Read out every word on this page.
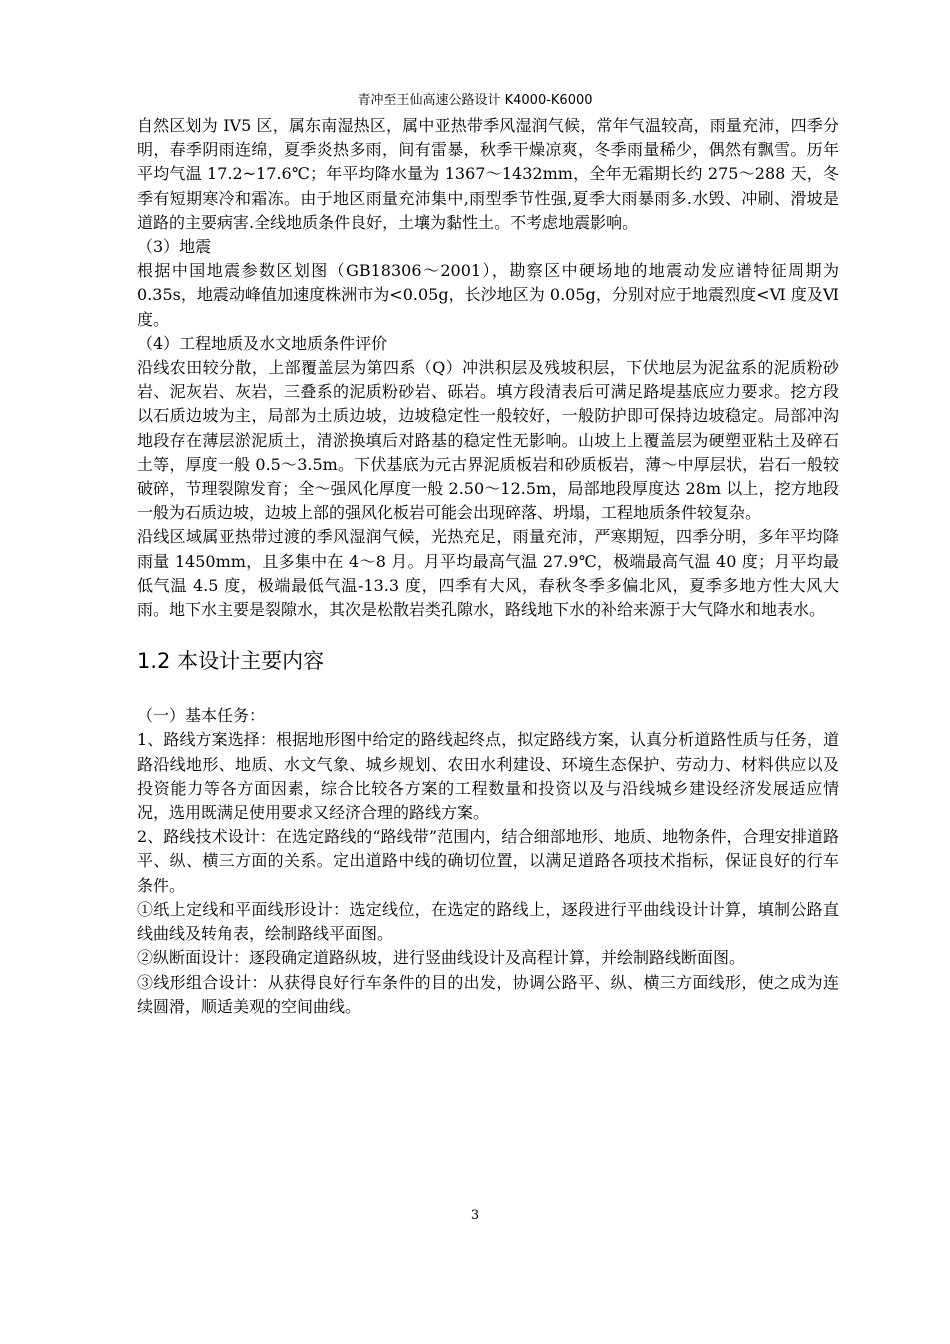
青冲至王仙高速公路设计 K4000-K6000

自然区划为 IV5 区，属东南湿热区，属中亚热带季风湿润气候，常年气温较高，雨量充沛，四季分明，春季阴雨连绵，夏季炎热多雨，间有雷暴，秋季干燥凉爽，冬季雨量稀少，偶然有飘雪。历年平均气温 17.2~17.6℃；年平均降水量为 1367～1432mm，全年无霜期长约 275～288 天，冬季有短期寒冷和霜冻。由于地区雨量充沛集中,雨型季节性强,夏季大雨暴雨多.水毁、冲刷、滑坡是道路的主要病害.全线地质条件良好，土壤为黏性土。不考虑地震影响。

（3）地震

根据中国地震参数区划图（GB18306～2001），勘察区中硬场地的地震动发应谱特征周期为 0.35s，地震动峰值加速度株洲市为<0.05g，长沙地区为 0.05g，分别对应于地震烈度<Ⅵ 度及Ⅵ度。

（4）工程地质及水文地质条件评价

沿线农田较分散，上部覆盖层为第四系（Q）冲洪积层及残坡积层，下伏地层为泥盆系的泥质粉砂岩、泥灰岩、灰岩，三叠系的泥质粉砂岩、砾岩。填方段清表后可满足路堤基底应力要求。挖方段以石质边坡为主，局部为土质边坡，边坡稳定性一般较好，一般防护即可保持边坡稳定。局部冲沟地段存在薄层淤泥质土，清淤换填后对路基的稳定性无影响。山坡上上覆盖层为硬塑亚粘土及碎石土等，厚度一般 0.5～3.5m。下伏基底为元古界泥质板岩和砂质板岩，薄～中厚层状，岩石一般较破碎，节理裂隙发育；全～强风化厚度一般 2.50～12.5m，局部地段厚度达 28m 以上，挖方地段一般为石质边坡，边坡上部的强风化板岩可能会出现碎落、坍塌，工程地质条件较复杂。

沿线区域属亚热带过渡的季风湿润气候，光热充足，雨量充沛，严寒期短，四季分明，多年平均降雨量 1450mm，且多集中在 4～8 月。月平均最高气温 27.9℃，极端最高气温 40 度；月平均最低气温 4.5 度，极端最低气温-13.3 度，四季有大风，春秋冬季多偏北风，夏季多地方性大风大雨。地下水主要是裂隙水，其次是松散岩类孔隙水，路线地下水的补给来源于大气降水和地表水。

1.2 本设计主要内容

（一）基本任务：

1、路线方案选择：根据地形图中给定的路线起终点，拟定路线方案，认真分析道路性质与任务，道路沿线地形、地质、水文气象、城乡规划、农田水利建设、环境生态保护、劳动力、材料供应以及投资能力等各方面因素，综合比较各方案的工程数量和投资以及与沿线城乡建设经济发展适应情况，选用既满足使用要求又经济合理的路线方案。

2、路线技术设计：在选定路线的“路线带”范围内，结合细部地形、地质、地物条件，合理安排道路平、纵、横三方面的关系。定出道路中线的确切位置，以满足道路各项技术指标，保证良好的行车条件。

①纸上定线和平面线形设计：选定线位，在选定的路线上，逐段进行平曲线设计计算，填制公路直线曲线及转角表，绘制路线平面图。

②纵断面设计：逐段确定道路纵坡，进行竖曲线设计及高程计算，并绘制路线断面图。

③线形组合设计：从获得良好行车条件的目的出发，协调公路平、纵、横三方面线形，使之成为连续圆滑，顺适美观的空间曲线。

3
